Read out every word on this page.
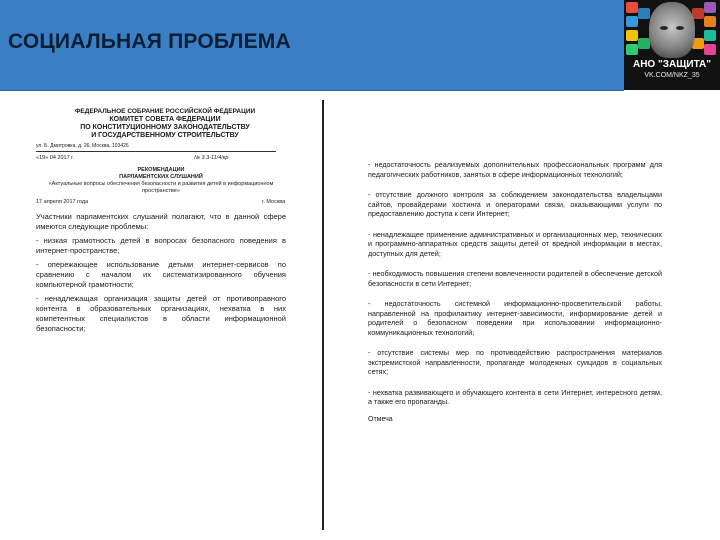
СОЦИАЛЬНАЯ ПРОБЛЕМА
АНО "ЗАЩИТА"
VK.COM/NKZ_35
ФЕДЕРАЛЬНОЕ СОБРАНИЕ РОССИЙСКОЙ ФЕДЕРАЦИИ
КОМИТЕТ СОВЕТА ФЕДЕРАЦИИ
ПО КОНСТИТУЦИОННОМУ ЗАКОНОДАТЕЛЬСТВУ
И ГОСУДАРСТВЕННОМУ СТРОИТЕЛЬСТВУ
ул. Б. Дмитровка, д. 26, Москва, 103426
«19» 04 2017 г.	№ 3.3-11/4/кр
РЕКОМЕНДАЦИИ
ПАРЛАМЕНТСКИХ СЛУШАНИЙ
«Актуальные вопросы обеспечения безопасности и развития детей в информационном пространстве»
17 апреля 2017 года	г. Москва
Участники парламентских слушаний полагают, что в данной сфере имеются следующие проблемы:
- низкая грамотность детей в вопросах безопасного поведения в интернет-пространстве;
- опережающее использование детьми интернет-сервисов по сравнению с началом их систематизированного обучения компьютерной грамотности;
- ненадлежащая организация защиты детей от противоправного контента в образовательных организациях, нехватка в них компетентных специалистов в области информационной безопасности;
- недостаточность реализуемых дополнительных профессиональных программ для педагогических работников, занятых в сфере информационных технологий;
- отсутствие должного контроля за соблюдением законодательства владельцами сайтов, провайдерами хостинга и операторами связи, оказывающими услуги по предоставлению доступа к сети Интернет;
- ненадлежащее применение административных и организационных мер, технических и программно-аппаратных средств защиты детей от вредной информации в местах, доступных для детей;
- необходимость повышения степени вовлеченности родителей в обеспечение детской безопасности в сети Интернет;
- недостаточность системной информационно-просветительской работы, направленной на профилактику интернет-зависимости, информирование детей и родителей о безопасном поведении при использовании информационно-коммуникационных технологий;
- отсутствие системы мер по противодействию распространения материалов экстремистской направленности, пропаганде молодежных суицидов в социальных сетях;
- нехватка развивающего и обучающего контента в сети Интернет, интересного детям, а также его пропаганды.
Отмеча
